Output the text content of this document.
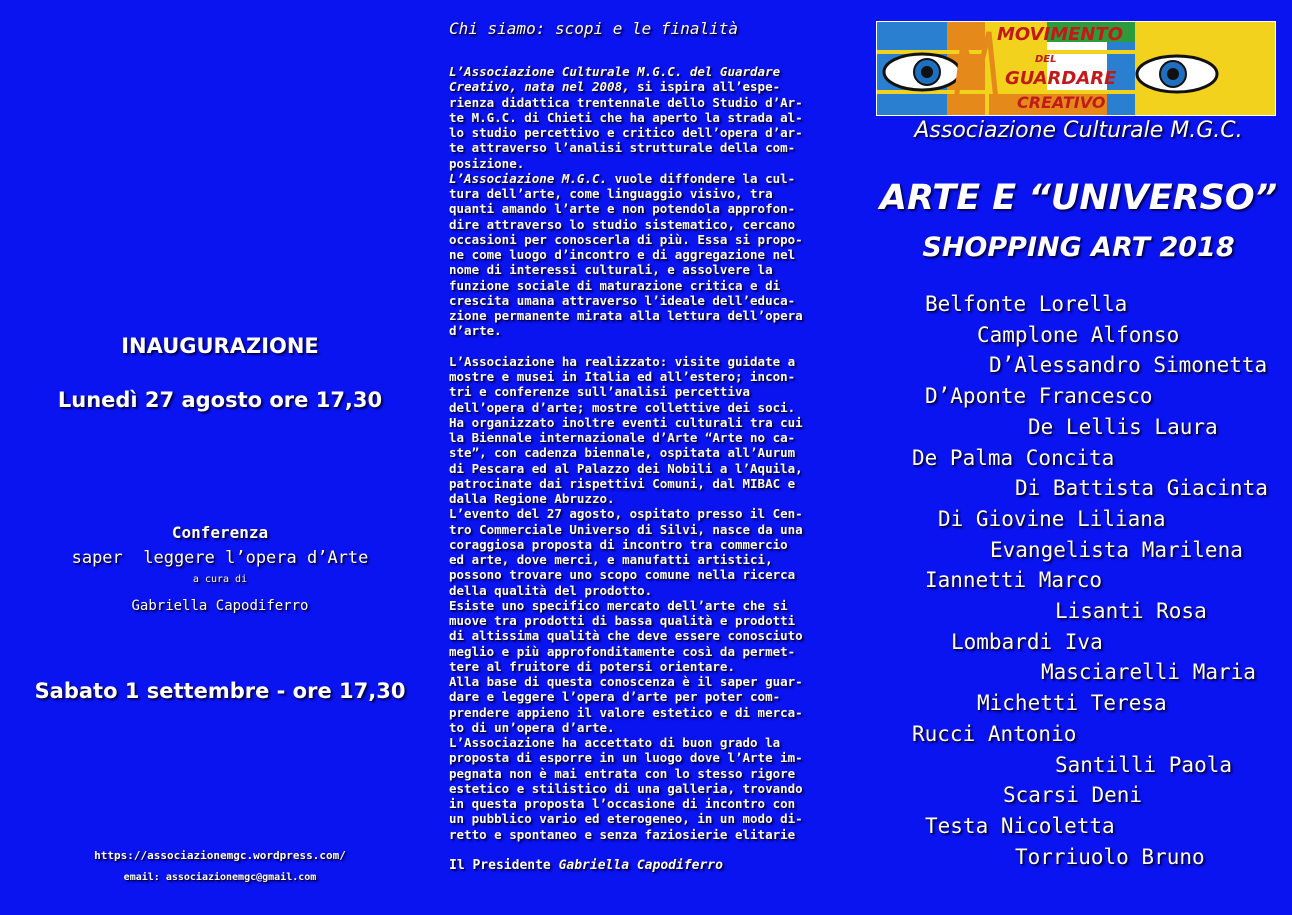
INAUGURAZIONE
Lunedì 27 agosto ore 17,30
Conferenza
saper  leggere l’opera d’Arte
a cura di
Gabriella Capodiferro
Sabato 1 settembre - ore 17,30
https://associazionemgc.wordpress.com/
email: associazionemgc@gmail.com
Chi siamo: scopi e le finalità
L’Associazione Culturale M.G.C. del Guardare
Creativo, nata nel 2008, si ispira all’espe-
rienza didattica trentennale dello Studio d’Ar-
te M.G.C. di Chieti che ha aperto la strada al-
lo studio percettivo e critico dell’opera d’ar-
te attraverso l’analisi strutturale della com-
posizione.
L’Associazione M.G.C. vuole diffondere la cul-
tura dell’arte, come linguaggio visivo, tra
quanti amando l’arte e non potendola approfon-
dire attraverso lo studio sistematico, cercano
occasioni per conoscerla di più. Essa si propo-
ne come luogo d’incontro e di aggregazione nel
nome di interessi culturali, e assolvere la
funzione sociale di maturazione critica e di
crescita umana attraverso l’ideale dell’educa-
zione permanente mirata alla lettura dell’opera
d’arte.
L’Associazione ha realizzato: visite guidate a
mostre e musei in Italia ed all’estero; incon-
tri e conferenze sull’analisi percettiva
dell’opera d’arte; mostre collettive dei soci.
Ha organizzato inoltre eventi culturali tra cui
la Biennale internazionale d’Arte “Arte no ca-
ste”, con cadenza biennale, ospitata all’Aurum
di Pescara ed al Palazzo dei Nobili a l’Aquila,
patrocinate dai rispettivi Comuni, dal MIBAC e
dalla Regione Abruzzo.
L’evento del 27 agosto, ospitato presso il Cen-
tro Commerciale Universo di Silvi, nasce da una
coraggiosa proposta di incontro tra commercio
ed arte, dove merci, e manufatti artistici,
possono trovare uno scopo comune nella ricerca
della qualità del prodotto.
Esiste uno specifico mercato dell’arte che si
muove tra prodotti di bassa qualità e prodotti
di altissima qualità che deve essere conosciuto
meglio e più approfonditamente così da permet-
tere al fruitore di potersi orientare.
Alla base di questa conoscenza è il saper guar-
dare e leggere l’opera d’arte per poter com-
prendere appieno il valore estetico e di merca-
to di un’opera d’arte.
L’Associazione ha accettato di buon grado la
proposta di esporre in un luogo dove l’Arte im-
pegnata non è mai entrata con lo stesso rigore
estetico e stilistico di una galleria, trovando
in questa proposta l’occasione di incontro con
un pubblico vario ed eterogeneo, in un modo di-
retto e spontaneo e senza faziosierie elitarie
Il Presidente Gabriella Capodiferro
MOVIMENTO
DEL
GUARDARE
CREATIVO
Associazione Culturale M.G.C.
ARTE E “UNIVERSO”
SHOPPING ART 2018
Belfonte Lorella
Camplone Alfonso
D’Alessandro Simonetta
D’Aponte Francesco
De Lellis Laura
De Palma Concita
Di Battista Giacinta
Di Giovine Liliana
Evangelista Marilena
Iannetti Marco
Lisanti Rosa
Lombardi Iva
Masciarelli Maria
Michetti Teresa
Rucci Antonio
Santilli Paola
Scarsi Deni
Testa Nicoletta
Torriuolo Bruno
